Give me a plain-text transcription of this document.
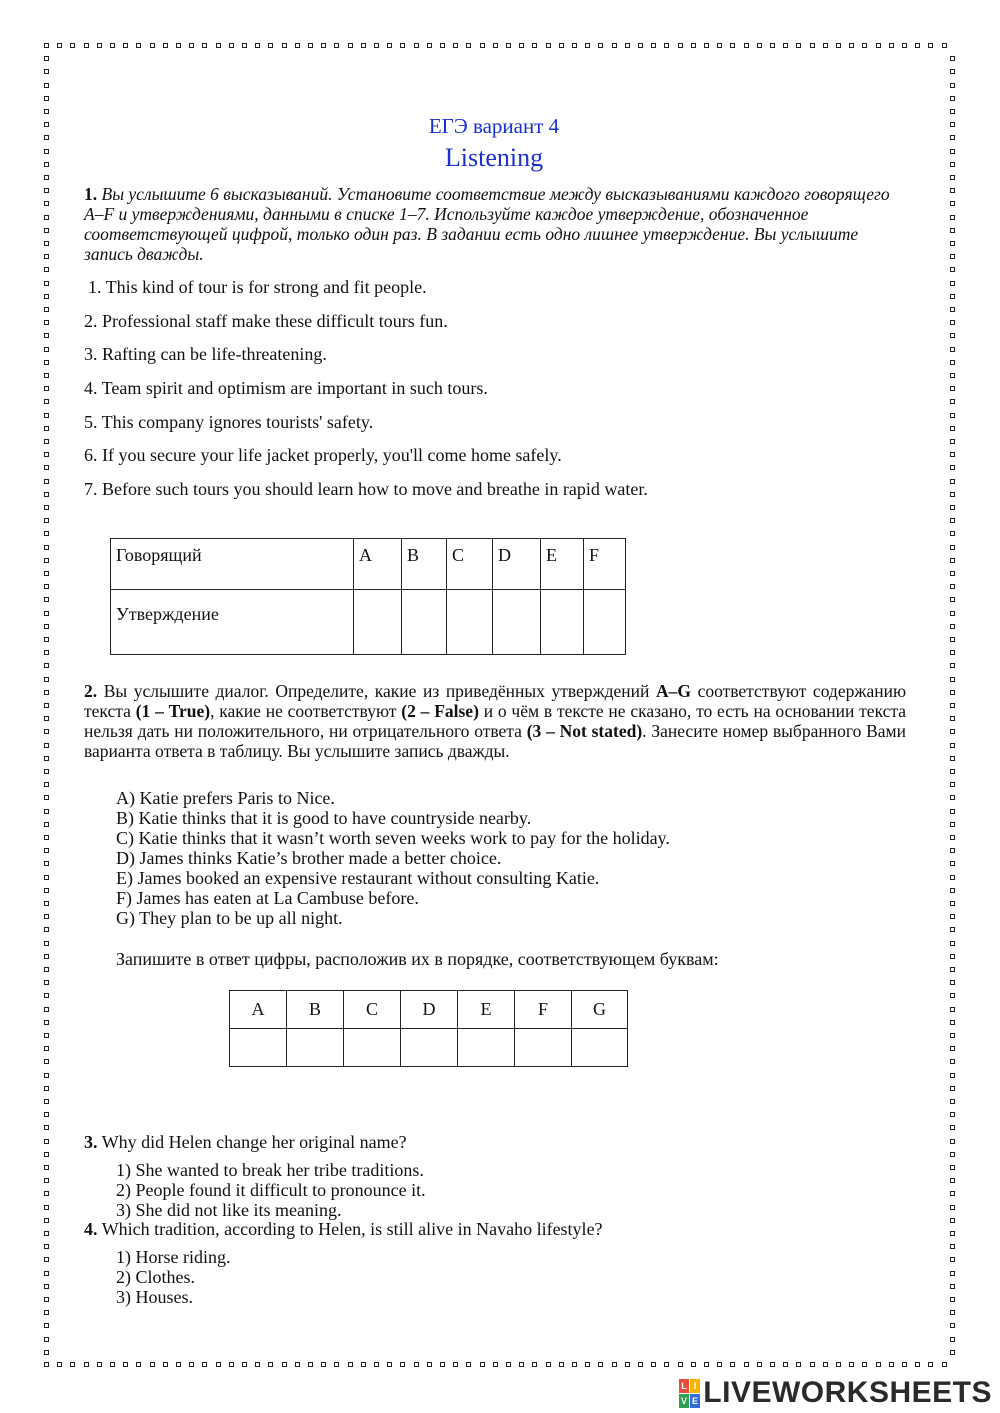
ЕГЭ вариант 4
Listening
1. Вы услышите 6 высказываний. Установите соответствие между высказываниями каждого говорящего A–F и утверждениями, данными в списке 1–7. Используйте каждое утверждение, обозначенное соответствующей цифрой, только один раз. В задании есть одно лишнее утверждение. Вы услышите запись дважды.
1. This kind of tour is for strong and fit people.
2. Professional staff make these difficult tours fun.
3. Rafting can be life-threatening.
4. Team spirit and optimism are important in such tours.
5. This company ignores tourists' safety.
6. If you secure your life jacket properly, you'll come home safely.
7. Before such tours you should learn how to move and breathe in rapid water.
Говорящий	A	B	C	D	E	F
Утверждение						
2. Вы услышите диалог. Определите, какие из приведённых утверждений A–G соответствуют содержанию текста (1 – True), какие не соответствуют (2 – False) и о чём в тексте не сказано, то есть на основании текста нельзя дать ни положительного, ни отрицательного ответа (3 – Not stated). Занесите номер выбранного Вами варианта ответа в таблицу. Вы услышите запись дважды.
A) Katie prefers Paris to Nice.
B) Katie thinks that it is good to have countryside nearby.
C) Katie thinks that it wasn’t worth seven weeks work to pay for the holiday.
D) James thinks Katie’s brother made a better choice.
E) James booked an expensive restaurant without consulting Katie.
F) James has eaten at La Cambuse before.
G) They plan to be up all night.
Запишите в ответ цифры, расположив их в порядке, соответствующем буквам:
A	B	C	D	E	F	G

3. Why did Helen change her original name?
1) She wanted to break her tribe traditions.
2) People found it difficult to pronounce it.
3) She did not like its meaning.
4. Which tradition, according to Helen, is still alive in Navaho lifestyle?
1) Horse riding.
2) Clothes.
3) Houses.
L I
V E LIVEWORKSHEETS
